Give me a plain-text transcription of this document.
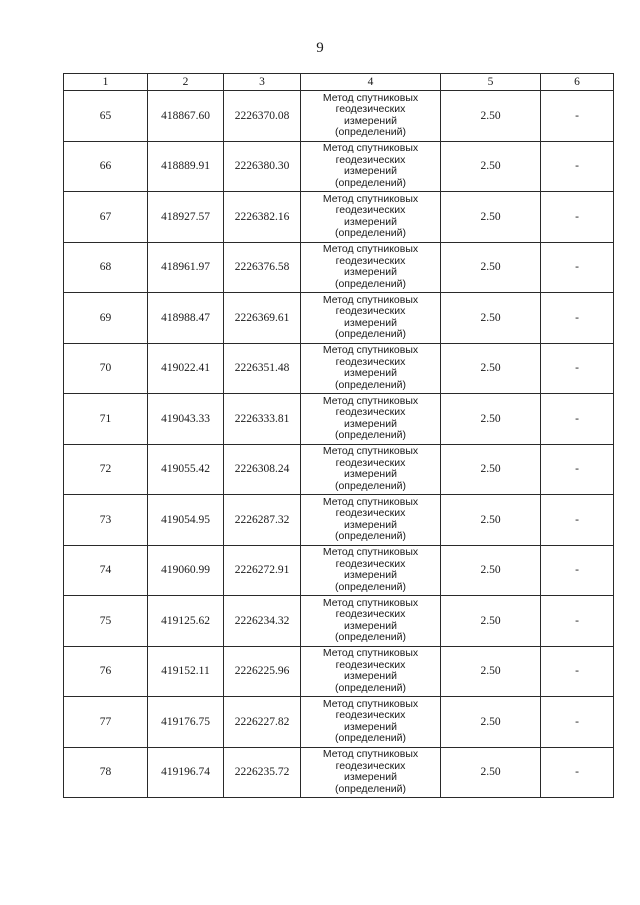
9
1	2	3	4	5	6
65	418867.60	2226370.08	Метод спутниковых
геодезических
измерений
(определений)	2.50	-
66	418889.91	2226380.30	Метод спутниковых
геодезических
измерений
(определений)	2.50	-
67	418927.57	2226382.16	Метод спутниковых
геодезических
измерений
(определений)	2.50	-
68	418961.97	2226376.58	Метод спутниковых
геодезических
измерений
(определений)	2.50	-
69	418988.47	2226369.61	Метод спутниковых
геодезических
измерений
(определений)	2.50	-
70	419022.41	2226351.48	Метод спутниковых
геодезических
измерений
(определений)	2.50	-
71	419043.33	2226333.81	Метод спутниковых
геодезических
измерений
(определений)	2.50	-
72	419055.42	2226308.24	Метод спутниковых
геодезических
измерений
(определений)	2.50	-
73	419054.95	2226287.32	Метод спутниковых
геодезических
измерений
(определений)	2.50	-
74	419060.99	2226272.91	Метод спутниковых
геодезических
измерений
(определений)	2.50	-
75	419125.62	2226234.32	Метод спутниковых
геодезических
измерений
(определений)	2.50	-
76	419152.11	2226225.96	Метод спутниковых
геодезических
измерений
(определений)	2.50	-
77	419176.75	2226227.82	Метод спутниковых
геодезических
измерений
(определений)	2.50	-
78	419196.74	2226235.72	Метод спутниковых
геодезических
измерений
(определений)	2.50	-
